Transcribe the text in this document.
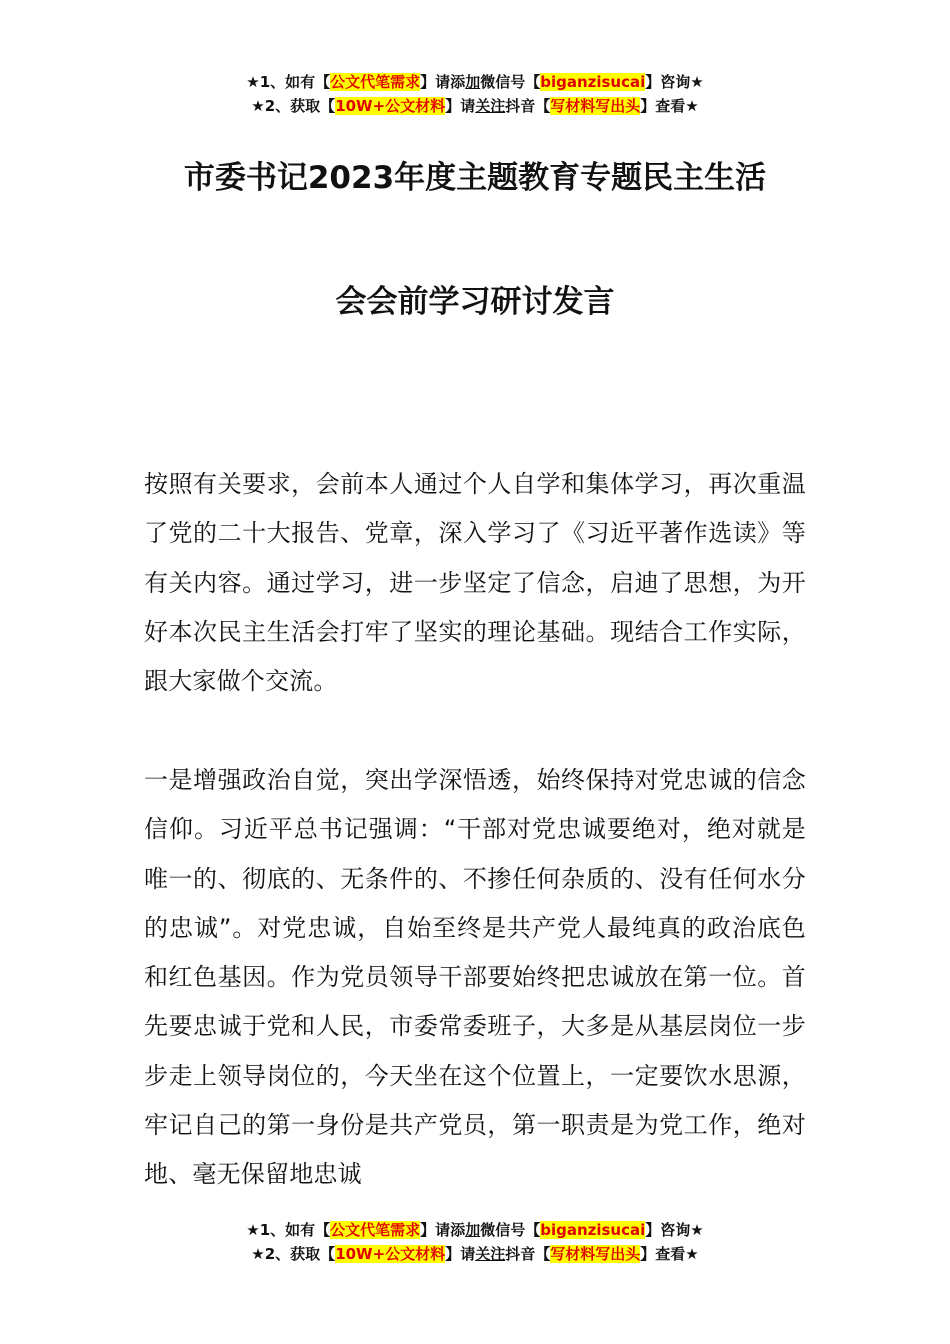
★1、如有【公文代笔需求】请添加微信号【biganzisucai】咨询★
★2、获取【10W+公文材料】请关注抖音【写材料写出头】查看★
市委书记2023年度主题教育专题民主生活
会会前学习研讨发言

按照有关要求，会前本人通过个人自学和集体学习，再次重温了党的二十大报告、党章，深入学习了《习近平著作选读》等有关内容。通过学习，进一步坚定了信念，启迪了思想，为开好本次民主生活会打牢了坚实的理论基础。现结合工作实际，跟大家做个交流。

一是增强政治自觉，突出学深悟透，始终保持对党忠诚的信念信仰。习近平总书记强调：“干部对党忠诚要绝对，绝对就是唯一的、彻底的、无条件的、不掺任何杂质的、没有任何水分的忠诚”。对党忠诚，自始至终是共产党人最纯真的政治底色和红色基因。作为党员领导干部要始终把忠诚放在第一位。首先要忠诚于党和人民，市委常委班子，大多是从基层岗位一步步走上领导岗位的，今天坐在这个位置上，一定要饮水思源，牢记自己的第一身份是共产党员，第一职责是为党工作，绝对地、毫无保留地忠诚

★1、如有【公文代笔需求】请添加微信号【biganzisucai】咨询★
★2、获取【10W+公文材料】请关注抖音【写材料写出头】查看★
